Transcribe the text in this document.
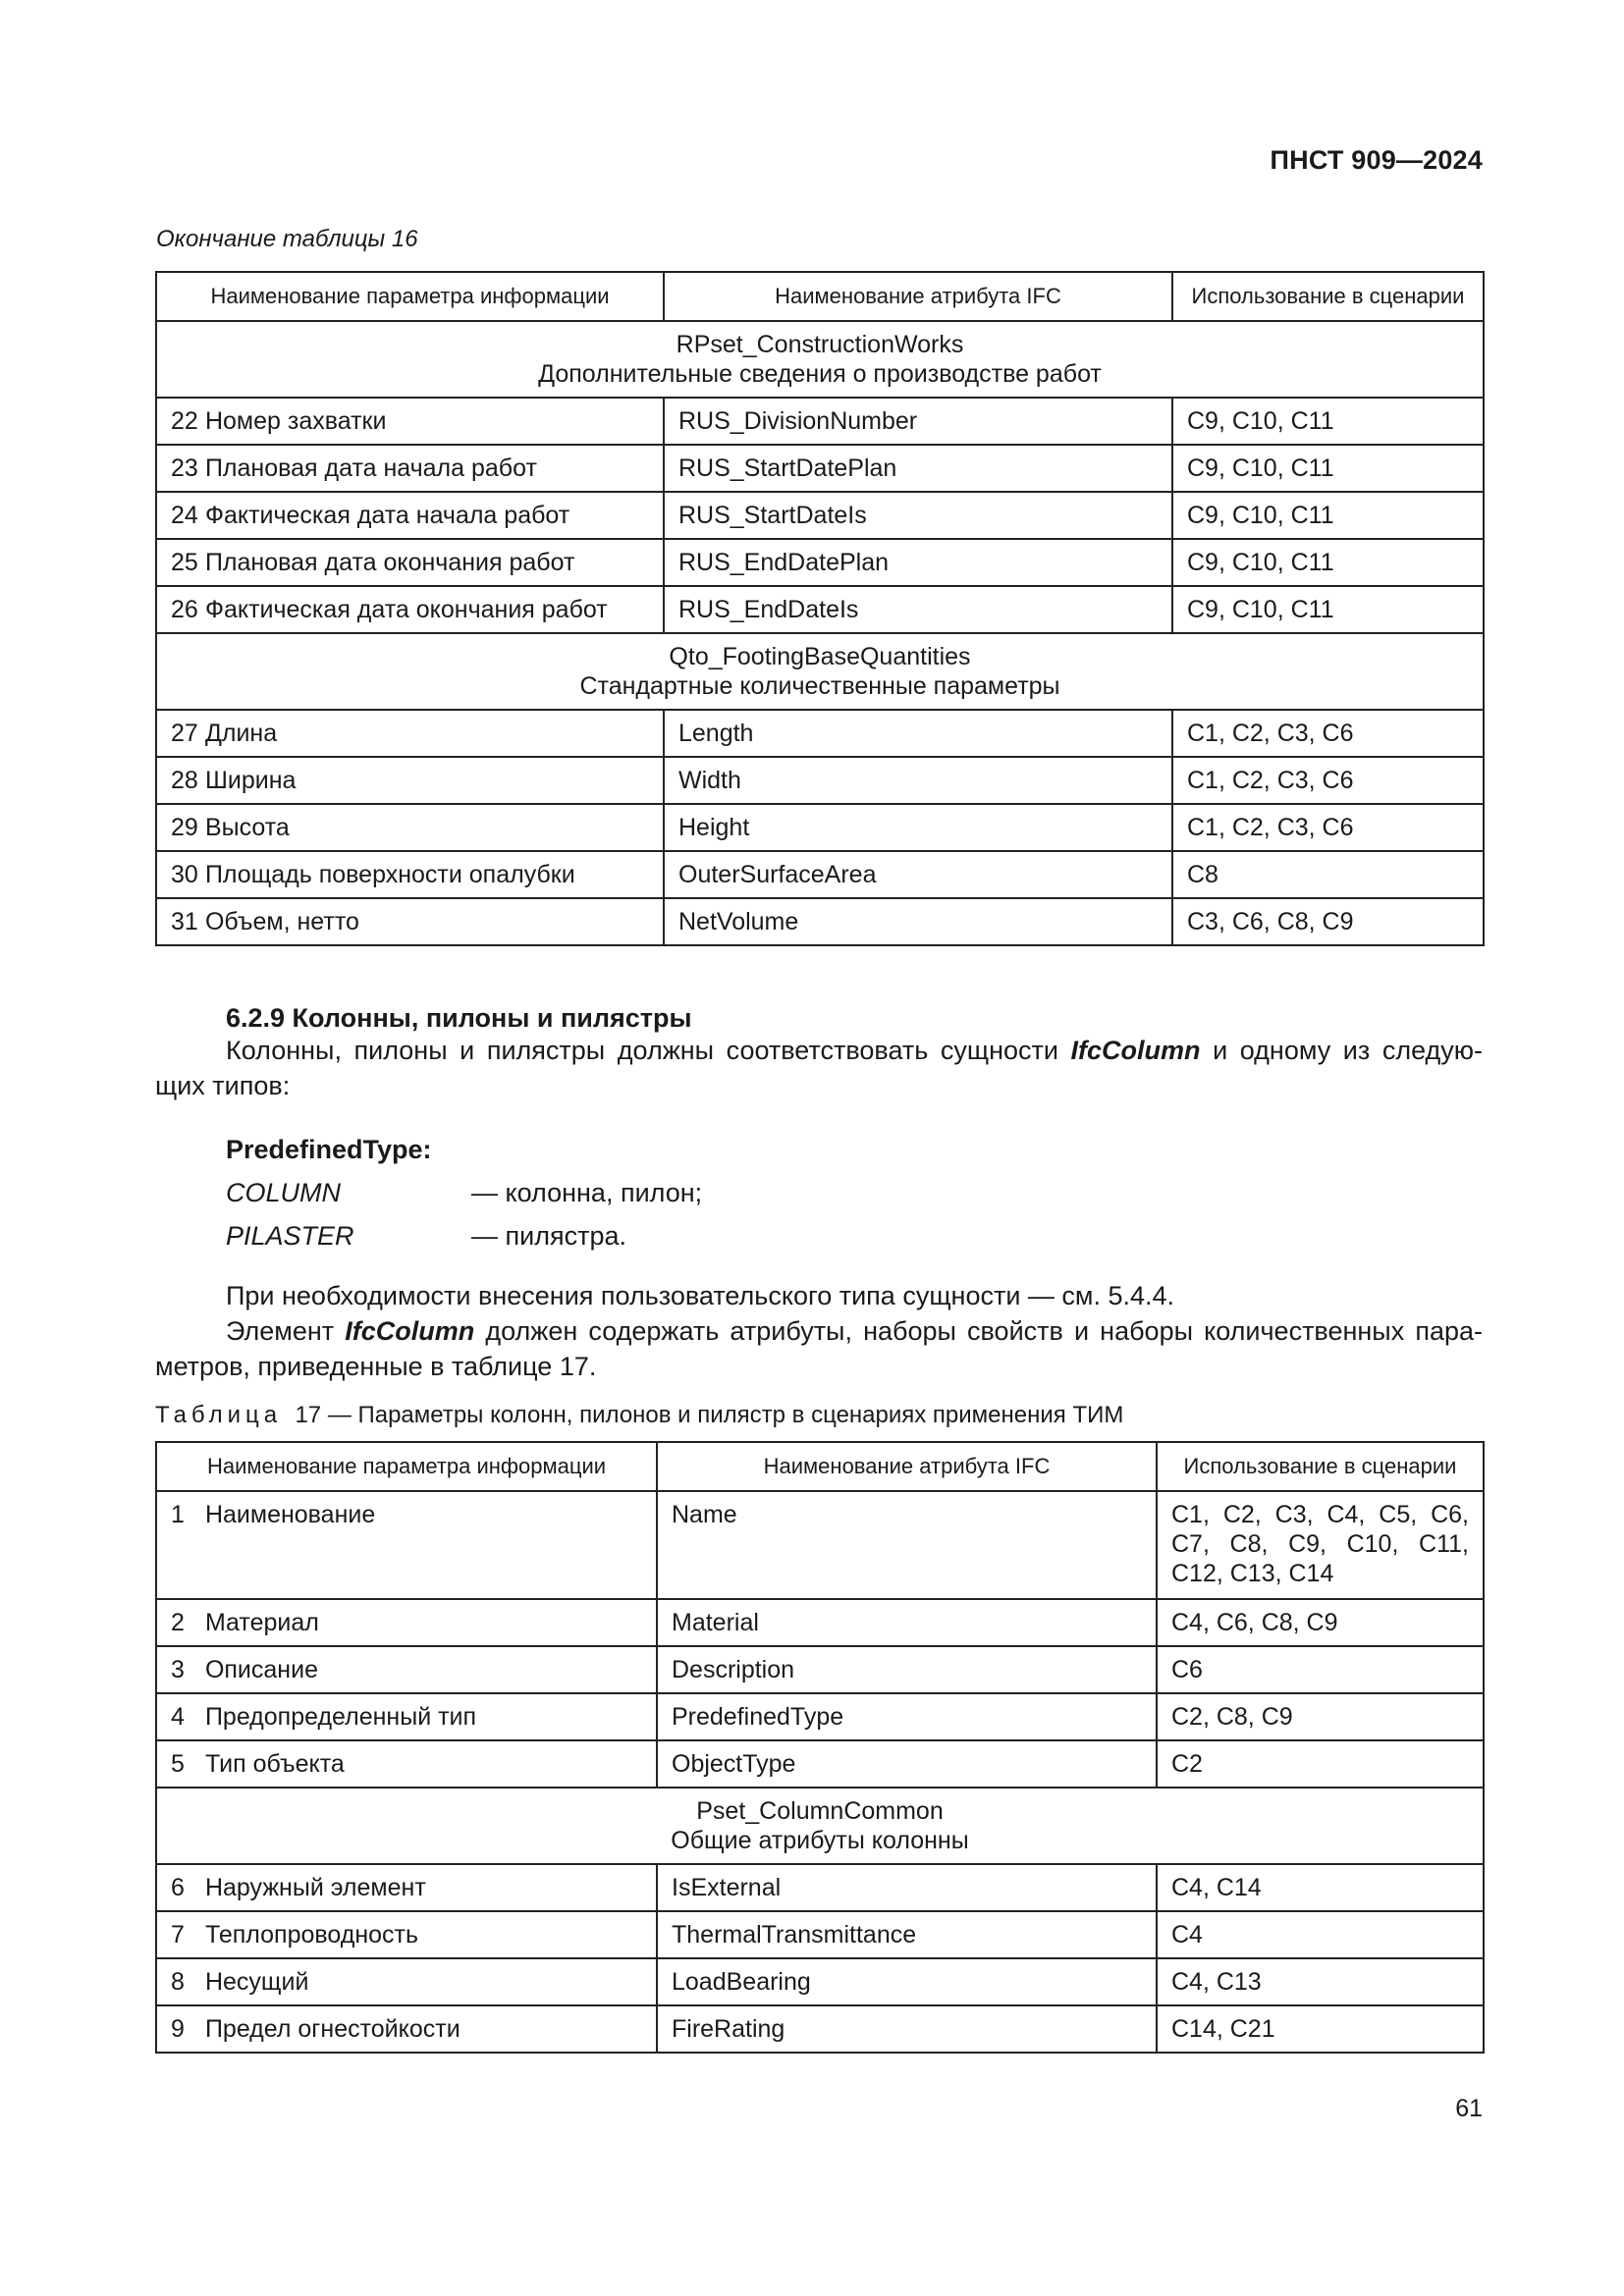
ПНСТ 909—2024
Окончание таблицы 16
Наименование параметра информации	Наименование атрибута IFC	Использование в сценарии

RPset_ConstructionWorks
Дополнительные сведения о производстве работ		

22 Номер захватки	RUS_DivisionNumber	С9, С10, С11
23 Плановая дата начала работ	RUS_StartDatePlan	С9, С10, С11
24 Фактическая дата начала работ	RUS_StartDateIs	С9, С10, С11
25 Плановая дата окончания работ	RUS_EndDatePlan	С9, С10, С11
26 Фактическая дата окончания работ	RUS_EndDateIs	С9, С10, С11

Qto_FootingBaseQuantities
Стандартные количественные параметры		

27 Длина	Length	С1, С2, С3, С6
28 Ширина	Width	С1, С2, С3, С6
29 Высота	Height	С1, С2, С3, С6
30 Площадь поверхности опалубки	OuterSurfaceArea	С8
31 Объем, нетто	NetVolume	С3, С6, С8, С9
6.2.9 Колонны, пилоны и пилястры
Колонны, пилоны и пилястры должны соответствовать сущности IfcColumn и одному из следую-
щих типов:
PredefinedType:
COLUMN	— колонна, пилон;
PILASTER	— пилястра.
При необходимости внесения пользовательского типа сущности — см. 5.4.4.
Элемент IfcColumn должен содержать атрибуты, наборы свойств и наборы количественных пара-
метров, приведенные в таблице 17.
Таблица 17 — Параметры колонн, пилонов и пилястр в сценариях применения ТИМ
Наименование параметра информации	Наименование атрибута IFC	Использование в сценарии
1 Наименование	Name	С1, С2, С3, С4, С5, С6,
С7, С8, С9, С10, С11,
С12, С13, С14

2 Материал	Material	С4, С6, С8, С9
3 Описание	Description	С6
4 Предопределенный тип	PredefinedType	С2, С8, С9
5 Тип объекта	ObjectType	С2

Pset_ColumnCommon
Общие атрибуты колонны		

6 Наружный элемент	IsExternal	С4, С14
7 Теплопроводность	ThermalTransmittance	С4
8 Несущий	LoadBearing	С4, С13
9 Предел огнестойкости	FireRating	С14, С21
61
